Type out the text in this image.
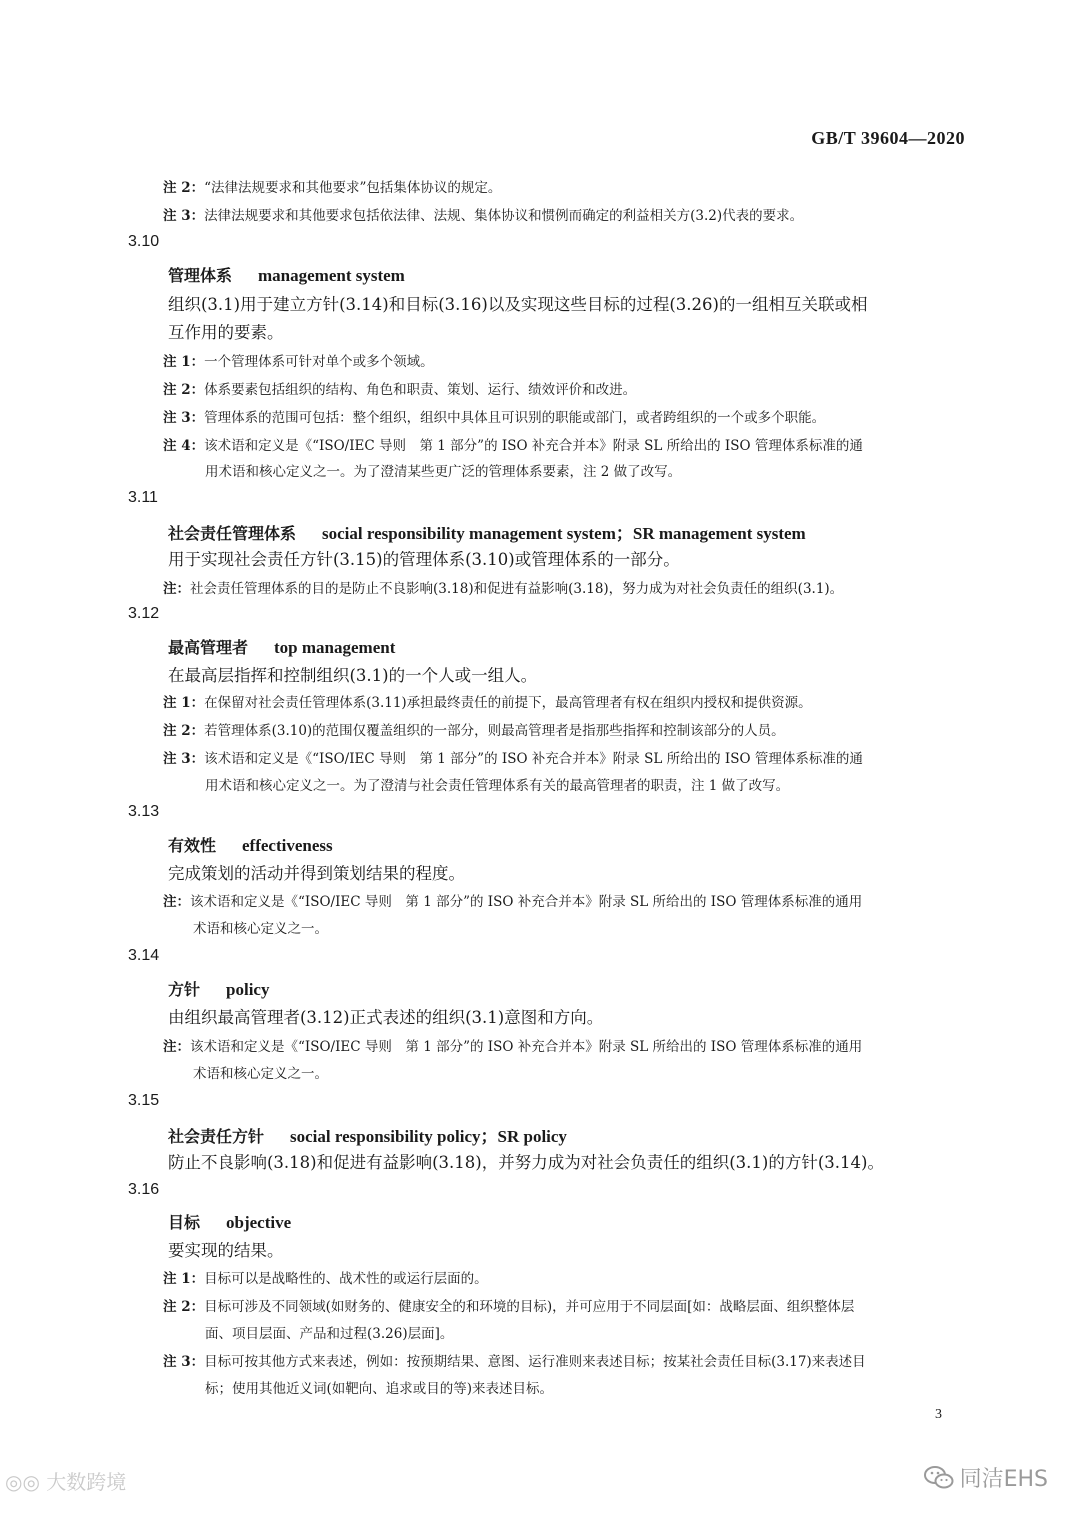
GB/T 39604—2020
注 2：“法律法规要求和其他要求”包括集体协议的规定。
注 3：法律法规要求和其他要求包括依法律、法规、集体协议和惯例而确定的利益相关方(3.2)代表的要求。
3.10
管理体系 management system
组织(3.1)用于建立方针(3.14)和目标(3.16)以及实现这些目标的过程(3.26)的一组相互关联或相
互作用的要素。
注 1：一个管理体系可针对单个或多个领域。
注 2：体系要素包括组织的结构、角色和职责、策划、运行、绩效评价和改进。
注 3：管理体系的范围可包括：整个组织，组织中具体且可识别的职能或部门，或者跨组织的一个或多个职能。
注 4：该术语和定义是《“ISO/IEC 导则　第 1 部分”的 ISO 补充合并本》附录 SL 所给出的 ISO 管理体系标准的通
用术语和核心定义之一。为了澄清某些更广泛的管理体系要素，注 2 做了改写。
3.11
社会责任管理体系 social responsibility management system；SR management system
用于实现社会责任方针(3.15)的管理体系(3.10)或管理体系的一部分。
注：社会责任管理体系的目的是防止不良影响(3.18)和促进有益影响(3.18)，努力成为对社会负责任的组织(3.1)。
3.12
最高管理者 top management
在最高层指挥和控制组织(3.1)的一个人或一组人。
注 1：在保留对社会责任管理体系(3.11)承担最终责任的前提下，最高管理者有权在组织内授权和提供资源。
注 2：若管理体系(3.10)的范围仅覆盖组织的一部分，则最高管理者是指那些指挥和控制该部分的人员。
注 3：该术语和定义是《“ISO/IEC 导则　第 1 部分”的 ISO 补充合并本》附录 SL 所给出的 ISO 管理体系标准的通
用术语和核心定义之一。为了澄清与社会责任管理体系有关的最高管理者的职责，注 1 做了改写。
3.13
有效性 effectiveness
完成策划的活动并得到策划结果的程度。
注：该术语和定义是《“ISO/IEC 导则　第 1 部分”的 ISO 补充合并本》附录 SL 所给出的 ISO 管理体系标准的通用
术语和核心定义之一。
3.14
方针 policy
由组织最高管理者(3.12)正式表述的组织(3.1)意图和方向。
注：该术语和定义是《“ISO/IEC 导则　第 1 部分”的 ISO 补充合并本》附录 SL 所给出的 ISO 管理体系标准的通用
术语和核心定义之一。
3.15
社会责任方针 social responsibility policy；SR policy
防止不良影响(3.18)和促进有益影响(3.18)，并努力成为对社会负责任的组织(3.1)的方针(3.14)。
3.16
目标 objective
要实现的结果。
注 1：目标可以是战略性的、战术性的或运行层面的。
注 2：目标可涉及不同领域(如财务的、健康安全的和环境的目标)，并可应用于不同层面[如：战略层面、组织整体层
面、项目层面、产品和过程(3.26)层面]。
注 3：目标可按其他方式来表述，例如：按预期结果、意图、运行准则来表述目标；按某社会责任目标(3.17)来表述目
标；使用其他近义词(如靶向、追求或目的等)来表述目标。
3
◎◎ 大数跨境	同洁EHS
